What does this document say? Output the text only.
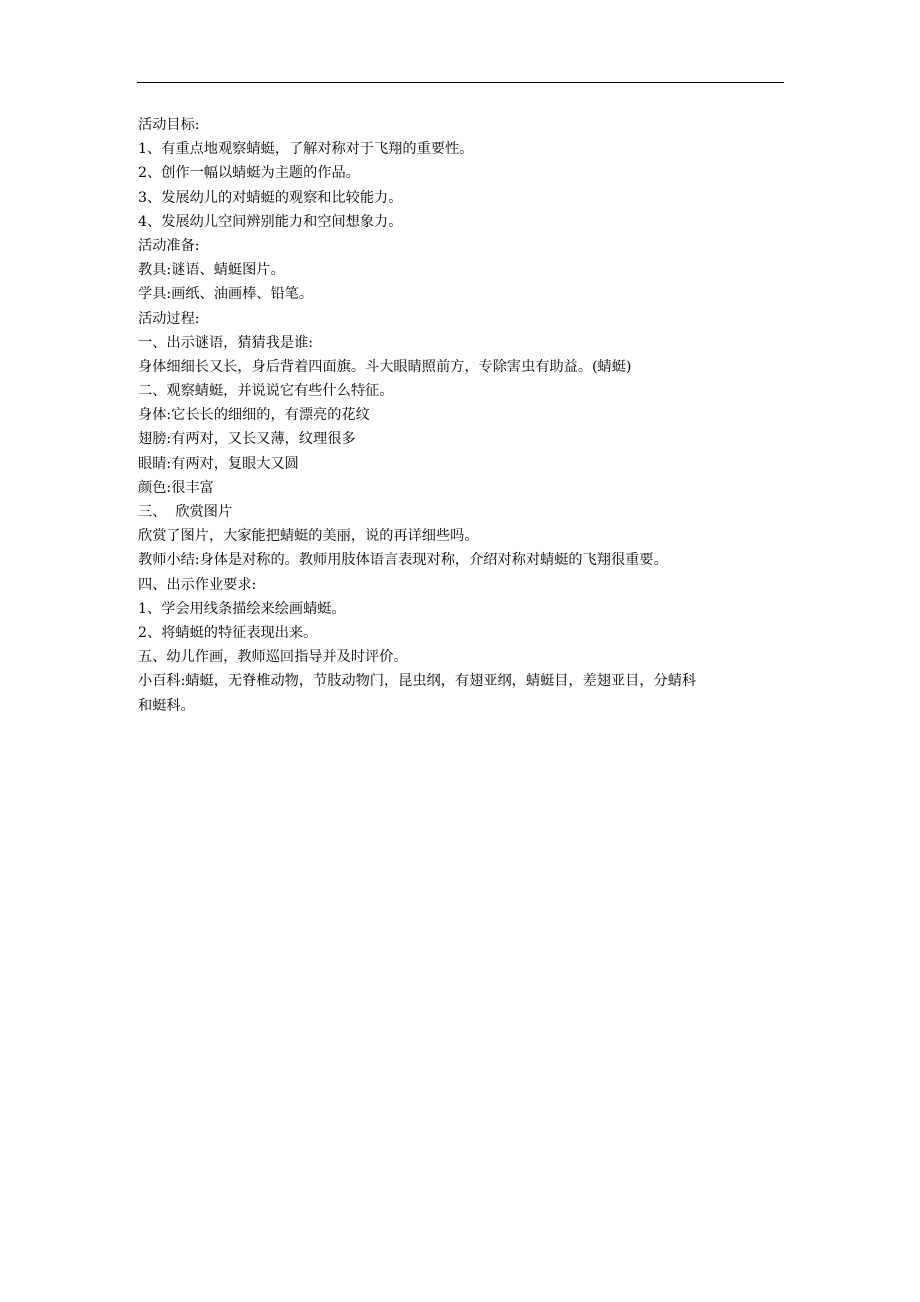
活动目标:
1、有重点地观察蜻蜓，了解对称对于飞翔的重要性。
2、创作一幅以蜻蜓为主题的作品。
3、发展幼儿的对蜻蜓的观察和比较能力。
4、发展幼儿空间辨别能力和空间想象力。
活动准备:
教具:谜语、蜻蜓图片。
学具:画纸、油画棒、铅笔。
活动过程:
一、出示谜语，猜猜我是谁:
身体细细长又长，身后背着四面旗。斗大眼睛照前方，专除害虫有助益。(蜻蜓)
二、观察蜻蜓，并说说它有些什么特征。
身体:它长长的细细的，有漂亮的花纹
翅膀:有两对，又长又薄，纹理很多
眼睛:有两对，复眼大又圆
颜色:很丰富
三、  欣赏图片
欣赏了图片，大家能把蜻蜓的美丽，说的再详细些吗。
教师小结:身体是对称的。教师用肢体语言表现对称，介绍对称对蜻蜓的飞翔很重要。
四、出示作业要求:
1、学会用线条描绘来绘画蜻蜓。
2、将蜻蜓的特征表现出来。
五、幼儿作画，教师巡回指导并及时评价。
小百科:蜻蜓，无脊椎动物，节肢动物门，昆虫纲，有翅亚纲，蜻蜓目，差翅亚目，分蜻科
和蜓科。
